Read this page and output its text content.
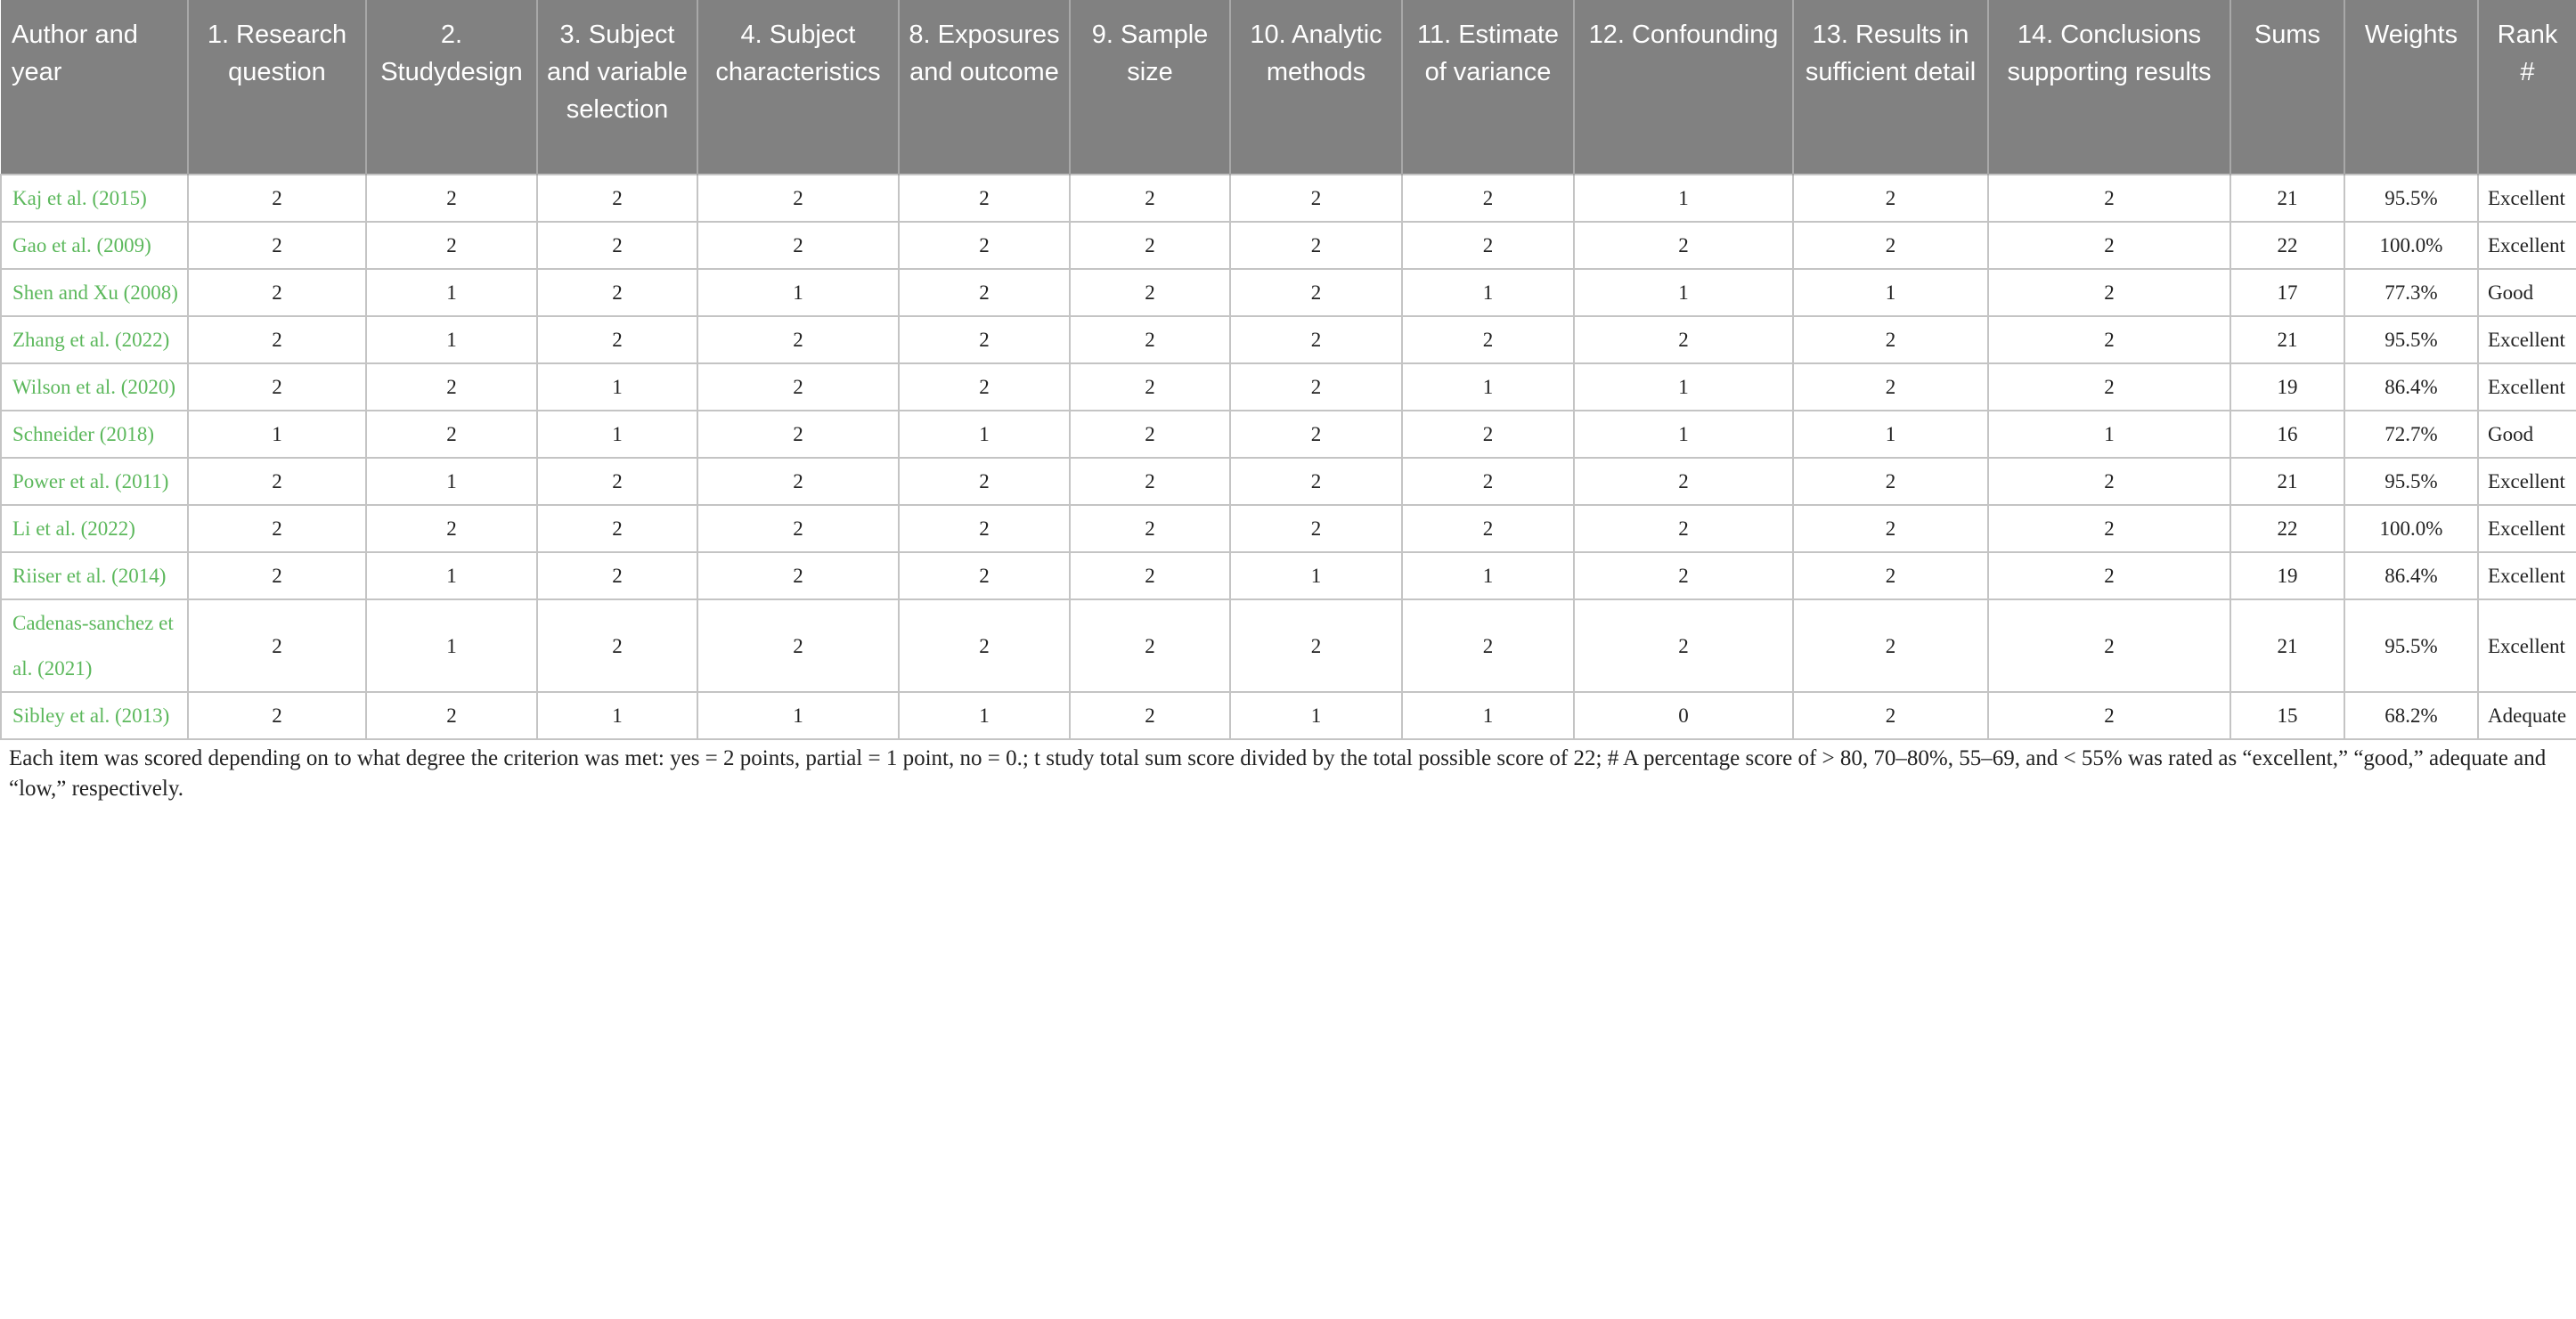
Author and year	1. Research question	2. Studydesign	3. Subject and variable selection	4. Subject characteristics	8. Exposures and outcome	9. Sample size	10. Analytic methods	11. Estimate of variance	12. Confounding	13. Results in sufficient detail	14. Conclusions supporting results	Sums	Weights	Rank #
Kaj et al. (2015)	2	2	2	2	2	2	2	2	1	2	2	21	95.5%	Excellent
Gao et al. (2009)	2	2	2	2	2	2	2	2	2	2	2	22	100.0%	Excellent
Shen and Xu (2008)	2	1	2	1	2	2	2	1	1	1	2	17	77.3%	Good
Zhang et al. (2022)	2	1	2	2	2	2	2	2	2	2	2	21	95.5%	Excellent
Wilson et al. (2020)	2	2	1	2	2	2	2	1	1	2	2	19	86.4%	Excellent
Schneider (2018)	1	2	1	2	1	2	2	2	1	1	1	16	72.7%	Good
Power et al. (2011)	2	1	2	2	2	2	2	2	2	2	2	21	95.5%	Excellent
Li et al. (2022)	2	2	2	2	2	2	2	2	2	2	2	22	100.0%	Excellent
Riiser et al. (2014)	2	1	2	2	2	2	1	1	2	2	2	19	86.4%	Excellent
Cadenas-sanchez et al. (2021)	2	1	2	2	2	2	2	2	2	2	2	21	95.5%	Excellent
Sibley et al. (2013)	2	2	1	1	1	2	1	1	0	2	2	15	68.2%	Adequate

Each item was scored depending on to what degree the criterion was met: yes = 2 points, partial = 1 point, no = 0.; t study total sum score divided by the total possible score of 22; # A percentage score of > 80, 70–80%, 55–69, and < 55% was rated as “excellent,” “good,” adequate and “low,” respectively.
